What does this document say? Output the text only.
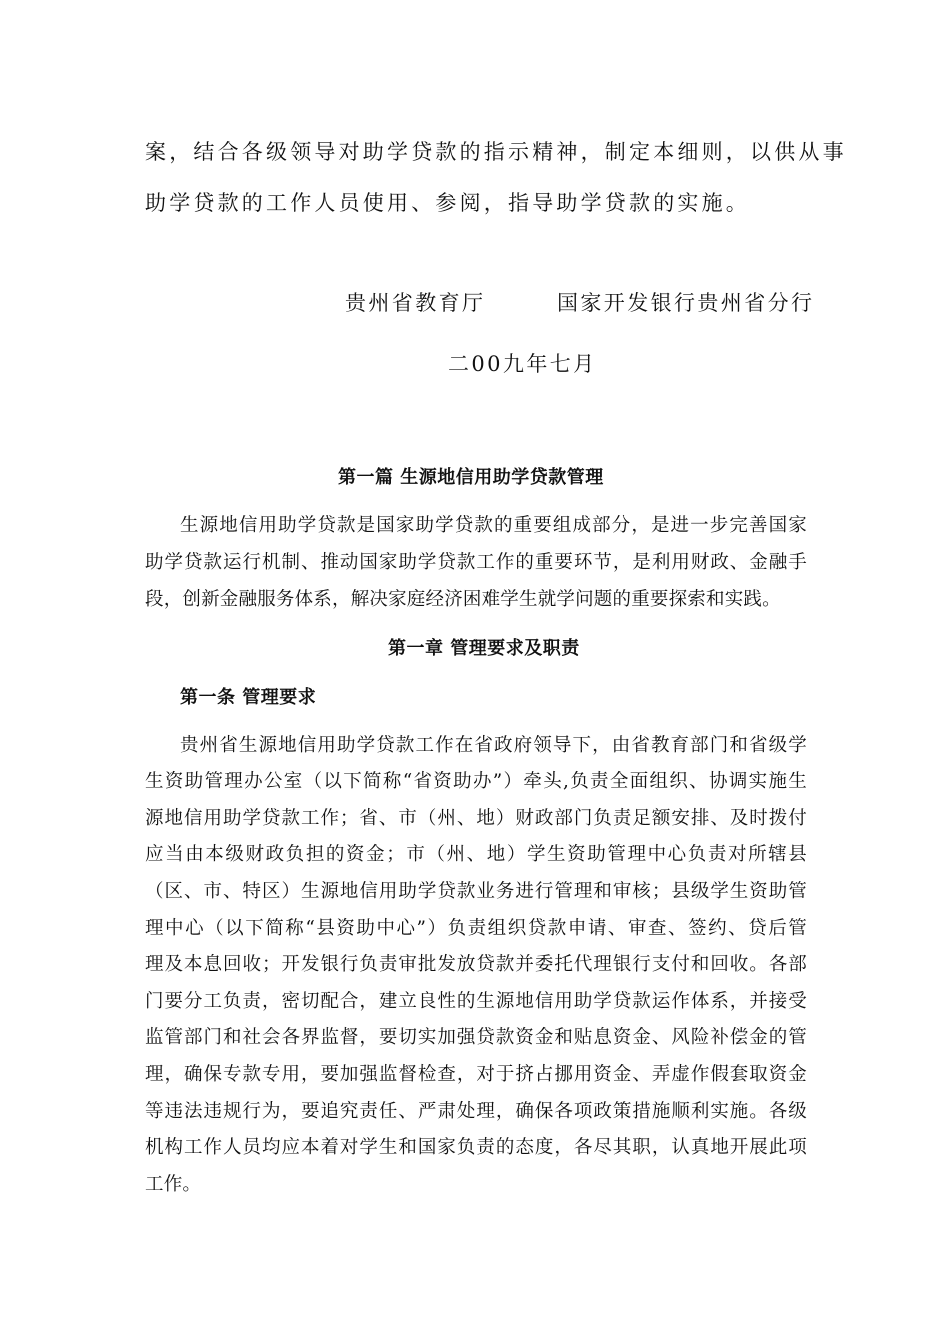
案，结合各级领导对助学贷款的指示精神，制定本细则，以供从事
助学贷款的工作人员使用、参阅，指导助学贷款的实施。
贵州省教育厅	国家开发银行贵州省分行
二00九年七月
第一篇 生源地信用助学贷款管理
生源地信用助学贷款是国家助学贷款的重要组成部分，是进一步完善国家
助学贷款运行机制、推动国家助学贷款工作的重要环节，是利用财政、金融手
段，创新金融服务体系，解决家庭经济困难学生就学问题的重要探索和实践。
第一章 管理要求及职责
第一条 管理要求
贵州省生源地信用助学贷款工作在省政府领导下，由省教育部门和省级学
生资助管理办公室（以下简称“省资助办”）牵头,负责全面组织、协调实施生
源地信用助学贷款工作；省、市（州、地）财政部门负责足额安排、及时拨付
应当由本级财政负担的资金；市（州、地）学生资助管理中心负责对所辖县
（区、市、特区）生源地信用助学贷款业务进行管理和审核；县级学生资助管
理中心（以下简称“县资助中心”）负责组织贷款申请、审查、签约、贷后管
理及本息回收；开发银行负责审批发放贷款并委托代理银行支付和回收。各部
门要分工负责，密切配合，建立良性的生源地信用助学贷款运作体系，并接受
监管部门和社会各界监督，要切实加强贷款资金和贴息资金、风险补偿金的管
理，确保专款专用，要加强监督检查，对于挤占挪用资金、弄虚作假套取资金
等违法违规行为，要追究责任、严肃处理，确保各项政策措施顺利实施。各级
机构工作人员均应本着对学生和国家负责的态度，各尽其职，认真地开展此项
工作。
